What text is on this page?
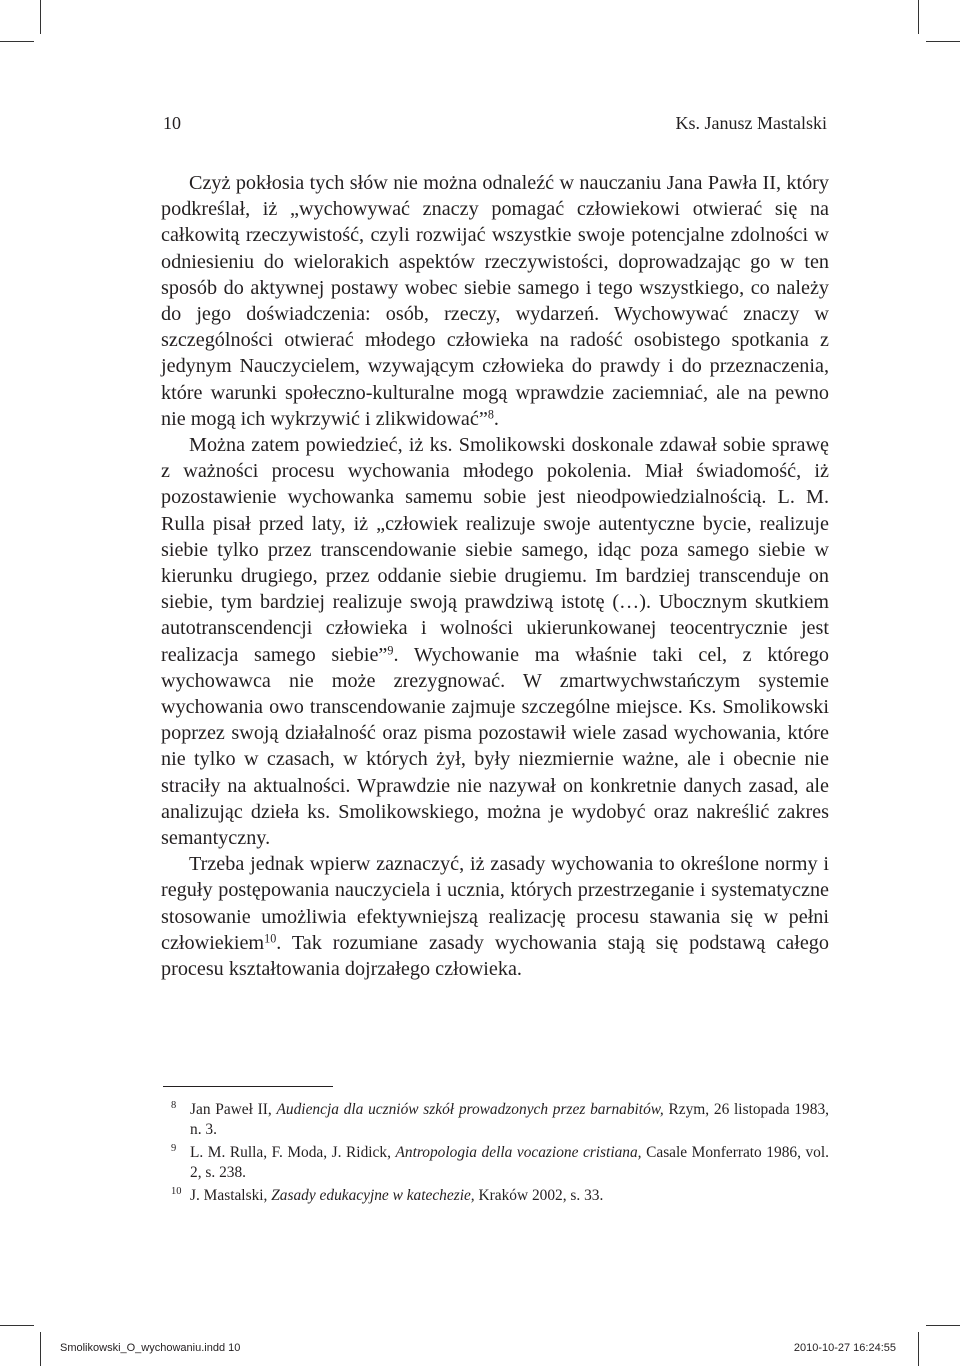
10	Ks. Janusz Mastalski

Czyż pokłosia tych słów nie można odnaleźć w nauczaniu Jana Pawła II, który podkreślał, iż „wychowywać znaczy pomagać człowiekowi otwierać się na całkowitą rzeczywistość, czyli rozwijać wszystkie swoje potencjalne zdolności w odniesieniu do wielorakich aspektów rzeczywistości, doprowadzając go w ten sposób do aktywnej postawy wobec siebie samego i tego wszystkiego, co należy do jego doświadczenia: osób, rzeczy, wydarzeń. Wychowywać znaczy w szczególności otwierać młodego człowieka na radość osobistego spotkania z jedynym Nauczycielem, wzywającym człowieka do prawdy i do przeznaczenia, które warunki społeczno-kulturalne mogą wprawdzie zaciemniać, ale na pewno nie mogą ich wykrzywić i zlikwidować”$^8$.

Można zatem powiedzieć, iż ks. Smolikowski doskonale zdawał sobie sprawę z ważności procesu wychowania młodego pokolenia. Miał świadomość, iż pozostawienie wychowanka samemu sobie jest nieodpowiedzialnością. L. M. Rulla pisał przed laty, iż „człowiek realizuje swoje autentyczne bycie, realizuje siebie tylko przez transcendowanie siebie samego, idąc poza samego siebie w kierunku drugiego, przez oddanie siebie drugiemu. Im bardziej transcenduje on siebie, tym bardziej realizuje swoją prawdziwą istotę (…). Ubocznym skutkiem autotranscendencji człowieka i wolności ukierunkowanej teocentrycznie jest realizacja samego siebie”$^9$. Wychowanie ma właśnie taki cel, z którego wychowawca nie może zrezygnować. W zmartwychwstańczym systemie wychowania owo transcendowanie zajmuje szczególne miejsce. Ks. Smolikowski poprzez swoją działalność oraz pisma pozostawił wiele zasad wychowania, które nie tylko w czasach, w których żył, były niezmiernie ważne, ale i obecnie nie straciły na aktualności. Wprawdzie nie nazywał on konkretnie danych zasad, ale analizując dzieła ks. Smolikowskiego, można je wydobyć oraz nakreślić zakres semantyczny.

Trzeba jednak wpierw zaznaczyć, iż zasady wychowania to określone normy i reguły postępowania nauczyciela i ucznia, których przestrzeganie i systematyczne stosowanie umożliwia efektywniejszą realizację procesu stawania się w pełni człowiekiem$^{10}$. Tak rozumiane zasady wychowania stają się podstawą całego procesu kształtowania dojrzałego człowieka.

8 Jan Paweł II, Audiencja dla uczniów szkół prowadzonych przez barnabitów, Rzym, 26 listopada 1983, n. 3.
9 L. M. Rulla, F. Moda, J. Ridick, Antropologia della vocazione cristiana, Casale Monferrato 1986, vol. 2, s. 238.
10 J. Mastalski, Zasady edukacyjne w katechezie, Kraków 2002, s. 33.
Smolikowski_O_wychowaniu.indd 10	2010-10-27 16:24:55
